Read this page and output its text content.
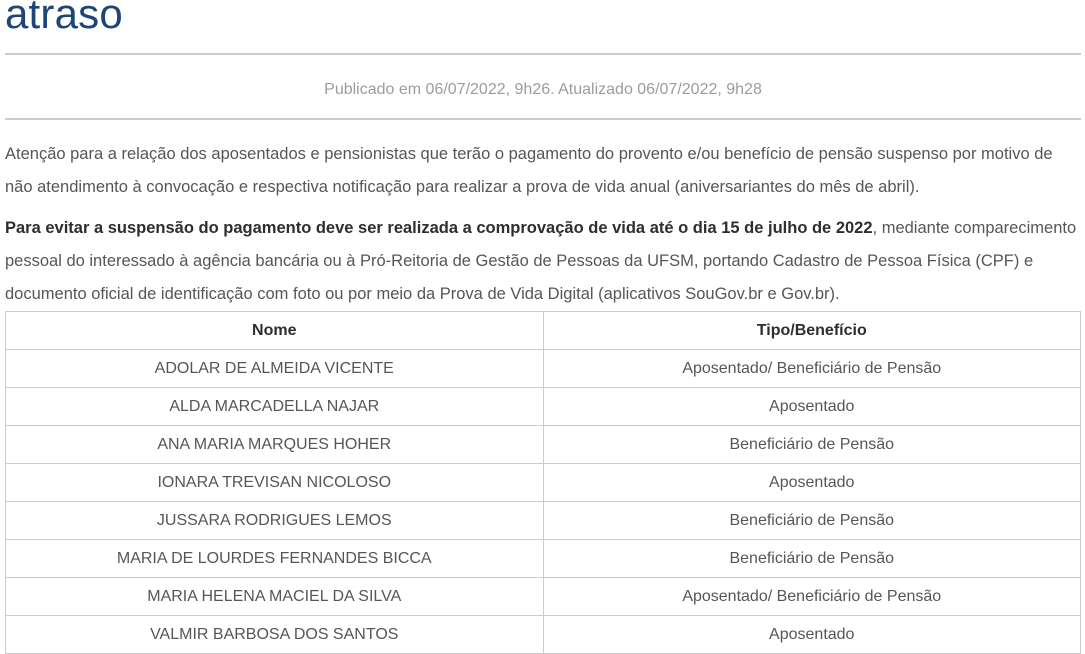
atraso

Publicado em 06/07/2022, 9h26. Atualizado 06/07/2022, 9h28

Atenção para a relação dos aposentados e pensionistas que terão o pagamento do provento e/ou benefício de pensão suspenso por motivo de não atendimento à convocação e respectiva notificação para realizar a prova de vida anual (aniversariantes do mês de abril).

Para evitar a suspensão do pagamento deve ser realizada a comprovação de vida até o dia 15 de julho de 2022, mediante comparecimento pessoal do interessado à agência bancária ou à Pró-Reitoria de Gestão de Pessoas da UFSM, portando Cadastro de Pessoa Física (CPF) e documento oficial de identificação com foto ou por meio da Prova de Vida Digital (aplicativos SouGov.br e Gov.br).

Nome	Tipo/Benefício
ADOLAR DE ALMEIDA VICENTE	Aposentado/ Beneficiário de Pensão
ALDA MARCADELLA NAJAR	Aposentado
ANA MARIA MARQUES HOHER	Beneficiário de Pensão
IONARA TREVISAN NICOLOSO	Aposentado
JUSSARA RODRIGUES LEMOS	Beneficiário de Pensão
MARIA DE LOURDES FERNANDES BICCA	Beneficiário de Pensão
MARIA HELENA MACIEL DA SILVA	Aposentado/ Beneficiário de Pensão
VALMIR BARBOSA DOS SANTOS	Aposentado
